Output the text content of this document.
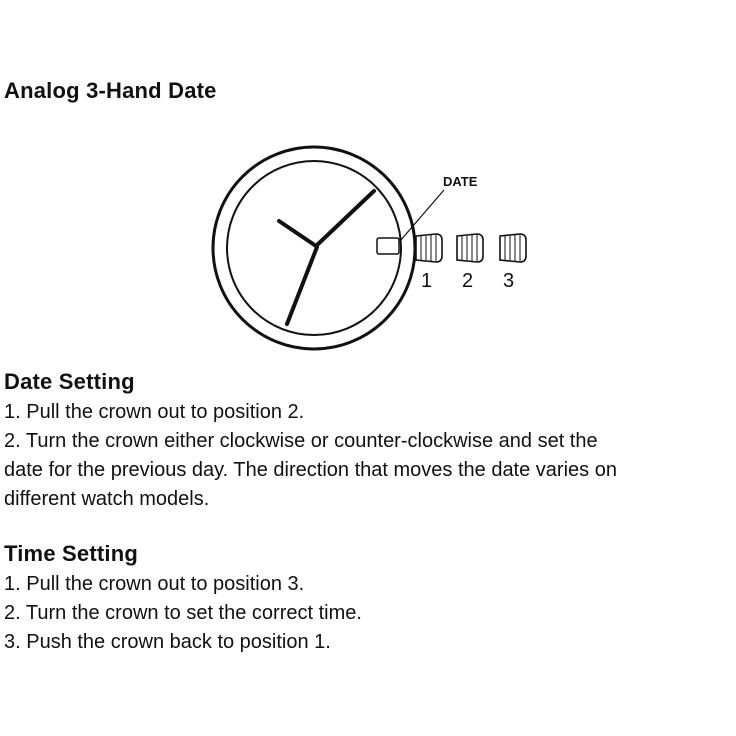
Analog 3-Hand Date
DATE
1 2 3
Date Setting
1. Pull the crown out to position 2.
2. Turn the crown either clockwise or counter-clockwise and set the
date for the previous day. The direction that moves the date varies on
different watch models.
Time Setting
1. Pull the crown out to position 3.
2. Turn the crown to set the correct time.
3. Push the crown back to position 1.
